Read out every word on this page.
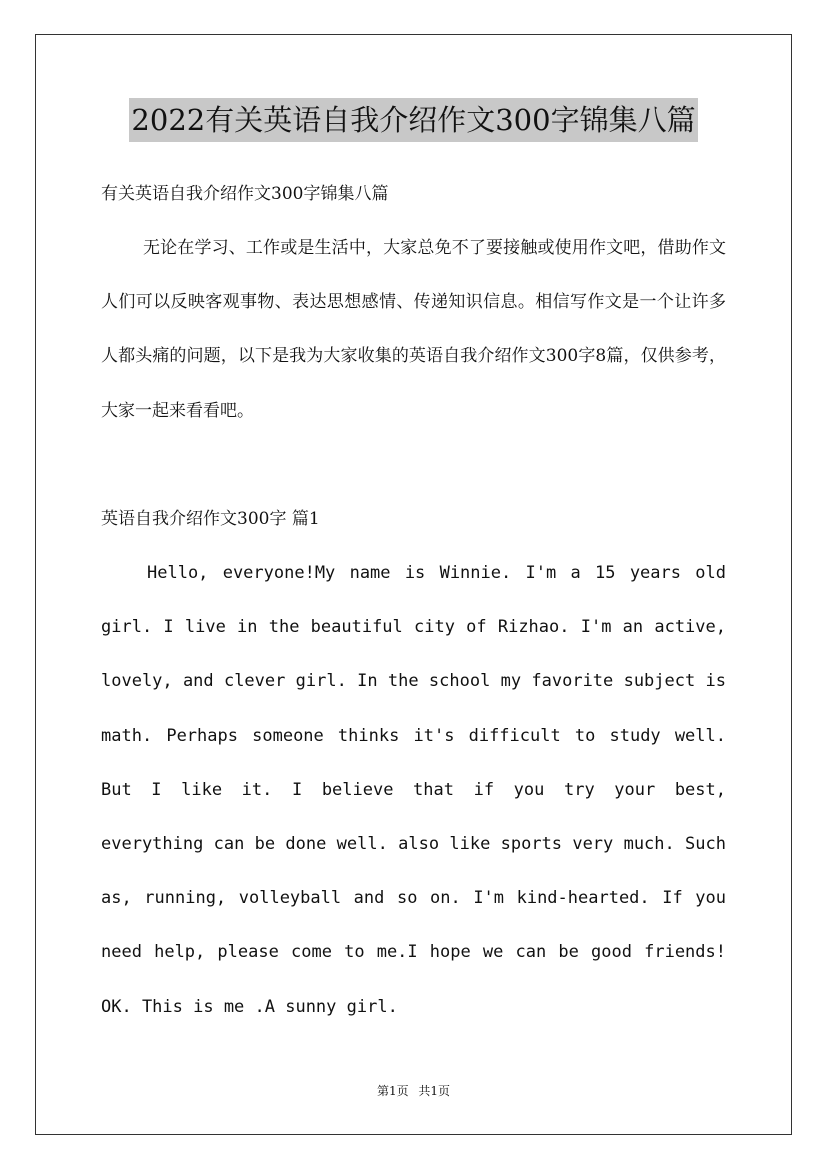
2022有关英语自我介绍作文300字锦集八篇
有关英语自我介绍作文300字锦集八篇

无论在学习、工作或是生活中，大家总免不了要接触或使用作文吧，借助作文人们可以反映客观事物、表达思想感情、传递知识信息。相信写作文是一个让许多人都头痛的问题，以下是我为大家收集的英语自我介绍作文300字8篇，仅供参考，大家一起来看看吧。

英语自我介绍作文300字 篇1

Hello, everyone!My name is Winnie. I'm a 15 years old girl. I live in the beautiful city of Rizhao. I'm an active, lovely, and clever girl. In the school my favorite subject is math. Perhaps someone thinks it's difficult to study well. But I like it. I believe that if you try your best, everything can be done well. also like sports very much. Such as, running, volleyball and so on. I'm kind-hearted. If you need help, please come to me.I hope we can be good friends! OK. This is me .A sunny girl.

第1页 共1页
